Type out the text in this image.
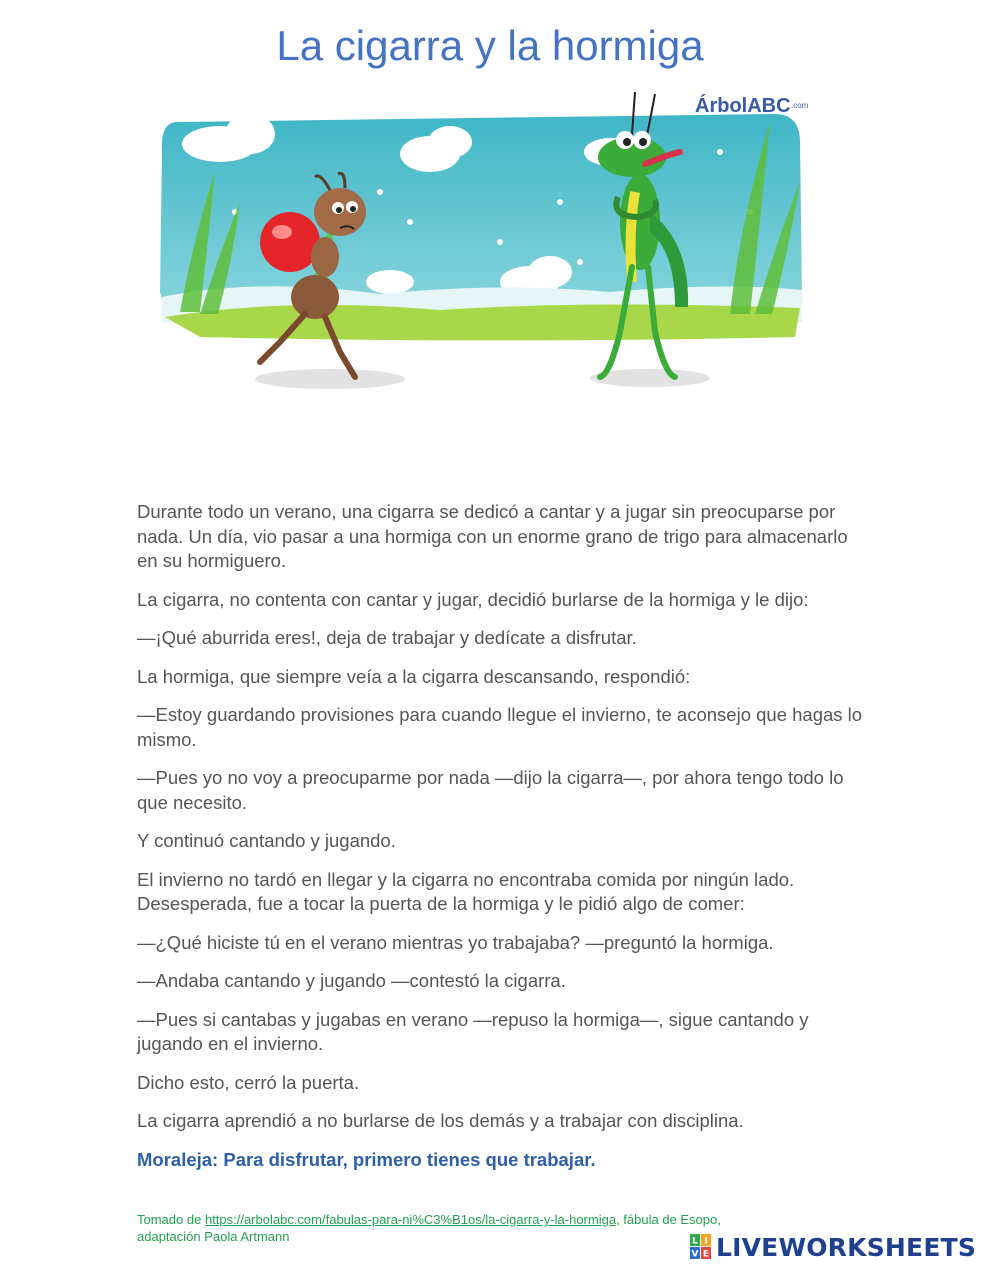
La cigarra y la hormiga
ÁrbolABC .com

Durante todo un verano, una cigarra se dedicó a cantar y a jugar sin preocuparse por nada. Un día, vio pasar a una hormiga con un enorme grano de trigo para almacenarlo en su hormiguero.

La cigarra, no contenta con cantar y jugar, decidió burlarse de la hormiga y le dijo:

—¡Qué aburrida eres!, deja de trabajar y dedícate a disfrutar.

La hormiga, que siempre veía a la cigarra descansando, respondió:

—Estoy guardando provisiones para cuando llegue el invierno, te aconsejo que hagas lo mismo.

—Pues yo no voy a preocuparme por nada —dijo la cigarra—, por ahora tengo todo lo que necesito.

Y continuó cantando y jugando.

El invierno no tardó en llegar y la cigarra no encontraba comida por ningún lado. Desesperada, fue a tocar la puerta de la hormiga y le pidió algo de comer:

—¿Qué hiciste tú en el verano mientras yo trabajaba? —preguntó la hormiga.

—Andaba cantando y jugando —contestó la cigarra.

—Pues si cantabas y jugabas en verano —repuso la hormiga—, sigue cantando y jugando en el invierno.

Dicho esto, cerró la puerta.

La cigarra aprendió a no burlarse de los demás y a trabajar con disciplina.

Moraleja: Para disfrutar, primero tienes que trabajar.

Tomado de https://arbolabc.com/fabulas-para-ni%C3%B1os/la-cigarra-y-la-hormiga, fábula de Esopo,
adaptación Paola Artmann	L I
V E LIVEWORKSHEETS
